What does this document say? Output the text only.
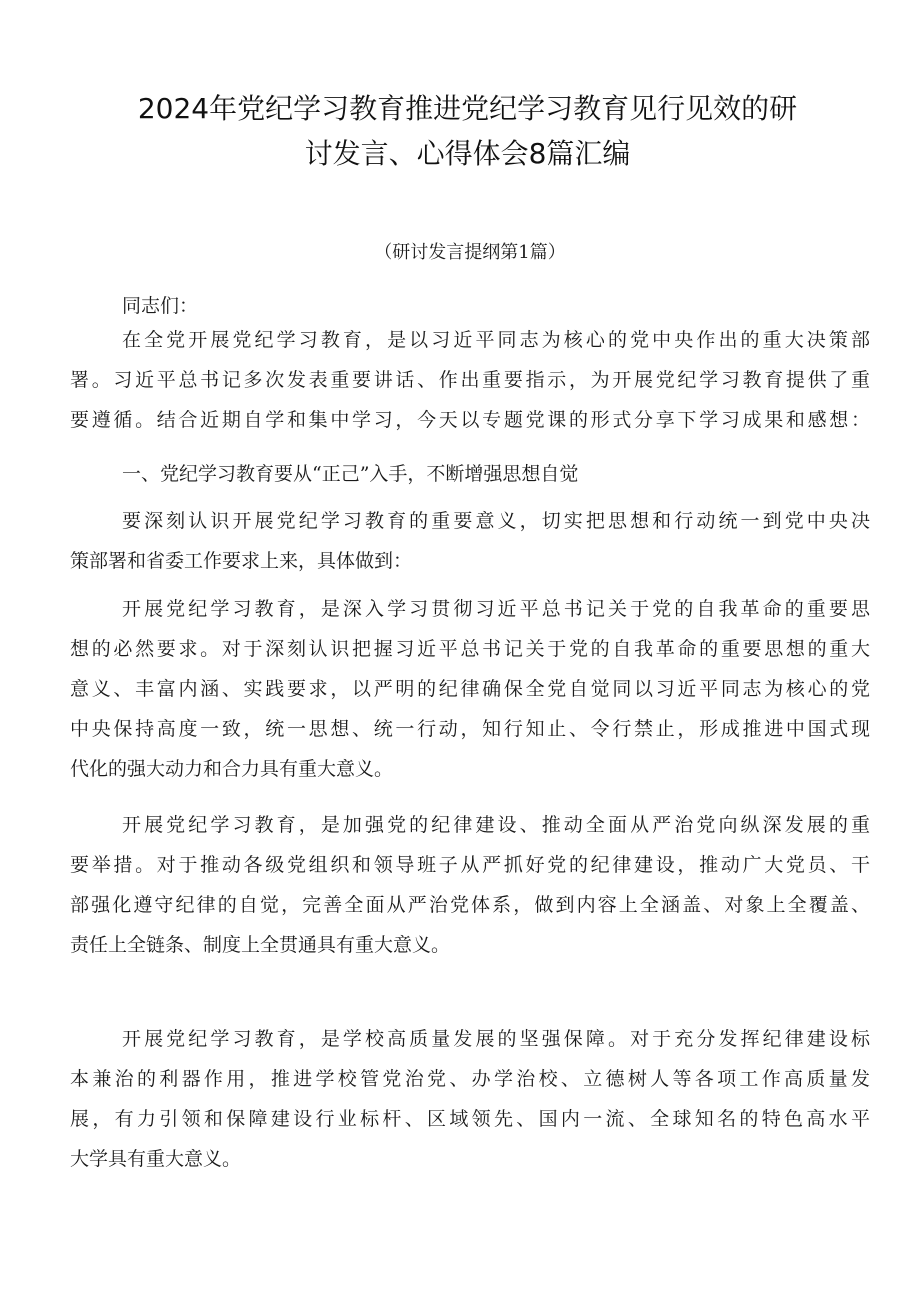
2024年党纪学习教育推进党纪学习教育见行见效的研
讨发言、心得体会8篇汇编

（研讨发言提纲第1篇）

同志们：

在全党开展党纪学习教育，是以习近平同志为核心的党中央作出的重大决策部
署。习近平总书记多次发表重要讲话、作出重要指示，为开展党纪学习教育提供了重
要遵循。结合近期自学和集中学习，今天以专题党课的形式分享下学习成果和感想：

一、党纪学习教育要从“正己”入手，不断增强思想自觉

要深刻认识开展党纪学习教育的重要意义，切实把思想和行动统一到党中央决
策部署和省委工作要求上来，具体做到：

开展党纪学习教育，是深入学习贯彻习近平总书记关于党的自我革命的重要思
想的必然要求。对于深刻认识把握习近平总书记关于党的自我革命的重要思想的重大
意义、丰富内涵、实践要求，以严明的纪律确保全党自觉同以习近平同志为核心的党
中央保持高度一致，统一思想、统一行动，知行知止、令行禁止，形成推进中国式现
代化的强大动力和合力具有重大意义。

开展党纪学习教育，是加强党的纪律建设、推动全面从严治党向纵深发展的重
要举措。对于推动各级党组织和领导班子从严抓好党的纪律建设，推动广大党员、干
部强化遵守纪律的自觉，完善全面从严治党体系，做到内容上全涵盖、对象上全覆盖、
责任上全链条、制度上全贯通具有重大意义。

开展党纪学习教育，是学校高质量发展的坚强保障。对于充分发挥纪律建设标
本兼治的利器作用，推进学校管党治党、办学治校、立德树人等各项工作高质量发
展，有力引领和保障建设行业标杆、区域领先、国内一流、全球知名的特色高水平
大学具有重大意义。
